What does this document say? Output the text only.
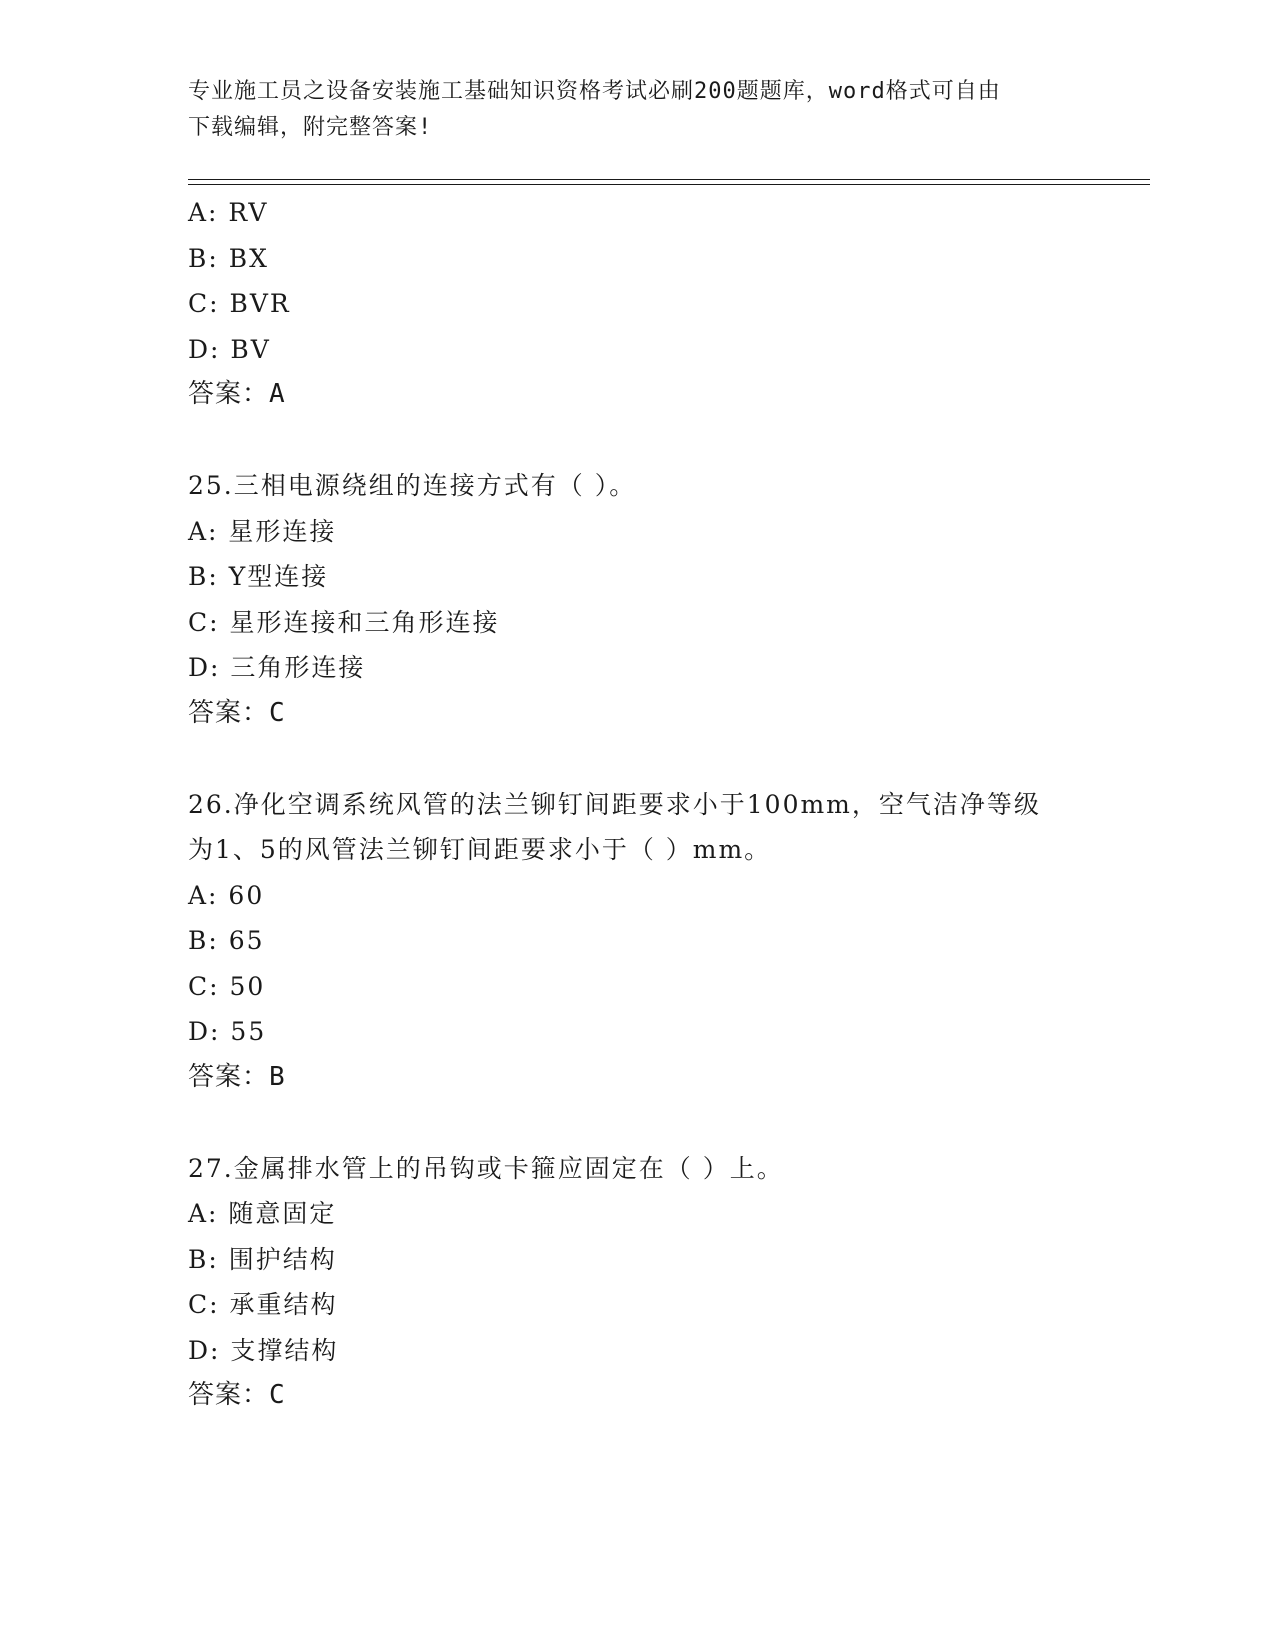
专业施工员之设备安装施工基础知识资格考试必刷200题题库，word格式可自由
下载编辑，附完整答案!
A: RV
B: BX
C: BVR
D: BV
答案：A
25.三相电源绕组的连接方式有（ ）。
A: 星形连接
B: Y型连接
C: 星形连接和三角形连接
D: 三角形连接
答案：C
26.净化空调系统风管的法兰铆钉间距要求小于100mm，空气洁净等级
为1、5的风管法兰铆钉间距要求小于（ ）mm。
A: 60
B: 65
C: 50
D: 55
答案：B
27.金属排水管上的吊钩或卡箍应固定在（ ）上。
A: 随意固定
B: 围护结构
C: 承重结构
D: 支撑结构
答案：C
